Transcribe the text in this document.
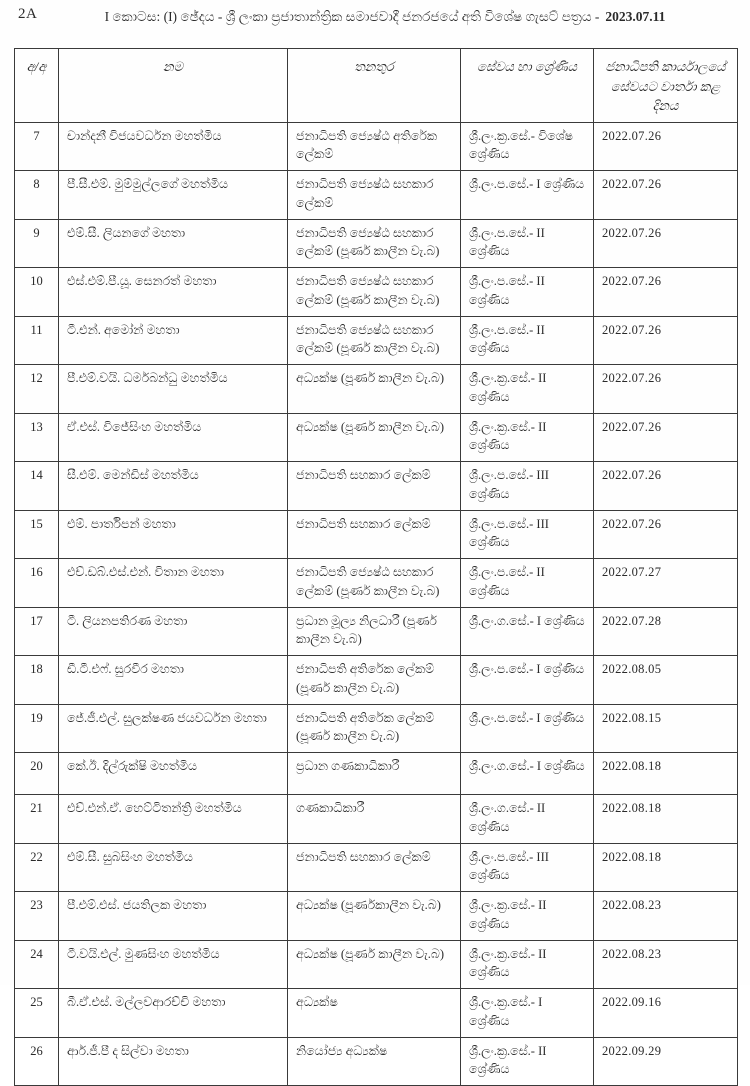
2A	I කොටස: (I) ඡේදය - ශ්‍රී ලංකා ප්‍රජාතාන්ත්‍රික සමාජවාදී ජනරජයේ අති විශේෂ ගැසට් පත්‍රය - 2023.07.11
අ/අ	නම	තනතුර	සේවය හා ශ්‍රේණිය	ජනාධිපති කාර්යාලයේ සේවයට වාර්තා කළ දිනය
7	චාන්දනී විජයවර්ධන මහත්මිය	ජනාධිපති ජ්‍යෙෂ්ඨ අතිරේක ලේකම්	ශ්‍රී.ලං.ක්‍ර.සේ.- විශේෂ ශ්‍රේණිය	2022.07.26
8	පී.සී.එම්. මුම්මුල්ලගේ මහත්මිය	ජනාධිපති ජ්‍යෙෂ්ඨ සහකාර ලේකම්	ශ්‍රී.ලං.ප.සේ.- I ශ්‍රේණිය	2022.07.26
9	එම්.සී. ලියනගේ මහතා	ජනාධිපති ජ්‍යෙෂ්ඨ සහකාර ලේකම් (පූර්ණ කාලීන වැ.බ)	ශ්‍රී.ලං.ප.සේ.- II ශ්‍රේණිය	2022.07.26
10	එස්.එම්.පී.යූ. සෙනරත් මහතා	ජනාධිපති ජ්‍යෙෂ්ඨ සහකාර ලේකම් (පූර්ණ කාලීන වැ.බ)	ශ්‍රී.ලං.ප.සේ.- II ශ්‍රේණිය	2022.07.26
11	ටී.එන්. අමෝන් මහතා	ජනාධිපති ජ්‍යෙෂ්ඨ සහකාර ලේකම් (පූර්ණ කාලීන වැ.බ)	ශ්‍රී.ලං.ප.සේ.- II ශ්‍රේණිය	2022.07.26
12	පී.එම්.වයි. ධර්මබන්ධු මහත්මිය	අධ්‍යක්ෂ (පූර්ණ කාලීන වැ.බ)	ශ්‍රී.ලං.ක්‍ර.සේ.- II ශ්‍රේණිය	2022.07.26
13	ඒ.එස්. විජේසිංහ මහත්මිය	අධ්‍යක්ෂ (පූර්ණ කාලීන වැ.බ)	ශ්‍රී.ලං.ක්‍ර.සේ.- II ශ්‍රේණිය	2022.07.26
14	සී.එම්. මෙන්ඩිස් මහත්මිය	ජනාධිපති සහකාර ලේකම්	ශ්‍රී.ලං.ප.සේ.- III ශ්‍රේණිය	2022.07.26
15	එම්. පාර්තිපන් මහතා	ජනාධිපති සහකාර ලේකම්	ශ්‍රී.ලං.ප.සේ.- III ශ්‍රේණිය	2022.07.26
16	එච්.ඩබ්.එස්.එන්. විතාන මහතා	ජනාධිපති ජ්‍යෙෂ්ඨ සහකාර ලේකම් (පූර්ණ කාලීන වැ.බ)	ශ්‍රී.ලං.ප.සේ.- II ශ්‍රේණිය	2022.07.27
17	ටී. ලියනපතිරණ මහතා	ප්‍රධාන මූල්‍ය නිලධාරී (පූර්ණ කාලීන වැ.බ)	ශ්‍රී.ලං.ග.සේ.- I ශ්‍රේණිය	2022.07.28
18	ඩී.ටී.එෆ්. සුරවීර මහතා	ජනාධිපති අතිරේක ලේකම් (පූර්ණ කාලීන වැ.බ)	ශ්‍රී.ලං.ප.සේ.- I ශ්‍රේණිය	2022.08.05
19	ජේ.ජී.එල්. සුලක්ෂණ ජයවර්ධන මහතා	ජනාධිපති අතිරේක ලේකම් (පූර්ණ කාලීන වැ.බ)	ශ්‍රී.ලං.ප.සේ.- I ශ්‍රේණිය	2022.08.15
20	කේ.ඊ. දිල්රුක්ෂි මහත්මිය	ප්‍රධාන ගණකාධිකාරී	ශ්‍රී.ලං.ග.සේ.- I ශ්‍රේණිය	2022.08.18
21	එච්.එන්.ඒ. හෙට්ටිතන්ත්‍රි මහත්මිය	ගණකාධිකාරී	ශ්‍රී.ලං.ග.සේ.- II ශ්‍රේණිය	2022.08.18
22	එම්.සී. සුබසිංහ මහත්මිය	ජනාධිපති සහකාර ලේකම්	ශ්‍රී.ලං.ප.සේ.- III ශ්‍රේණිය	2022.08.18
23	පී.එම්.එස්. ජයතිලක මහතා	අධ්‍යක්ෂ (පූර්ණකාලීන වැ.බ)	ශ්‍රී.ලං.ක්‍ර.සේ.- II ශ්‍රේණිය	2022.08.23
24	ටී.වයි.එල්. මුණසිංහ මහත්මිය	අධ්‍යක්ෂ (පූර්ණ කාලීන වැ.බ)	ශ්‍රී.ලං.ක්‍ර.සේ.- II ශ්‍රේණිය	2022.08.23
25	බී.ඒ.එස්. මල්ලවආරච්චි මහතා	අධ්‍යක්ෂ	ශ්‍රී.ලං.ක්‍ර.සේ.- I ශ්‍රේණිය	2022.09.16
26	ආර්.ජී.පී ද සිල්වා මහතා	නියෝජ්‍ය අධ්‍යක්ෂ	ශ්‍රී.ලං.ක්‍ර.සේ.- II ශ්‍රේණිය	2022.09.29
